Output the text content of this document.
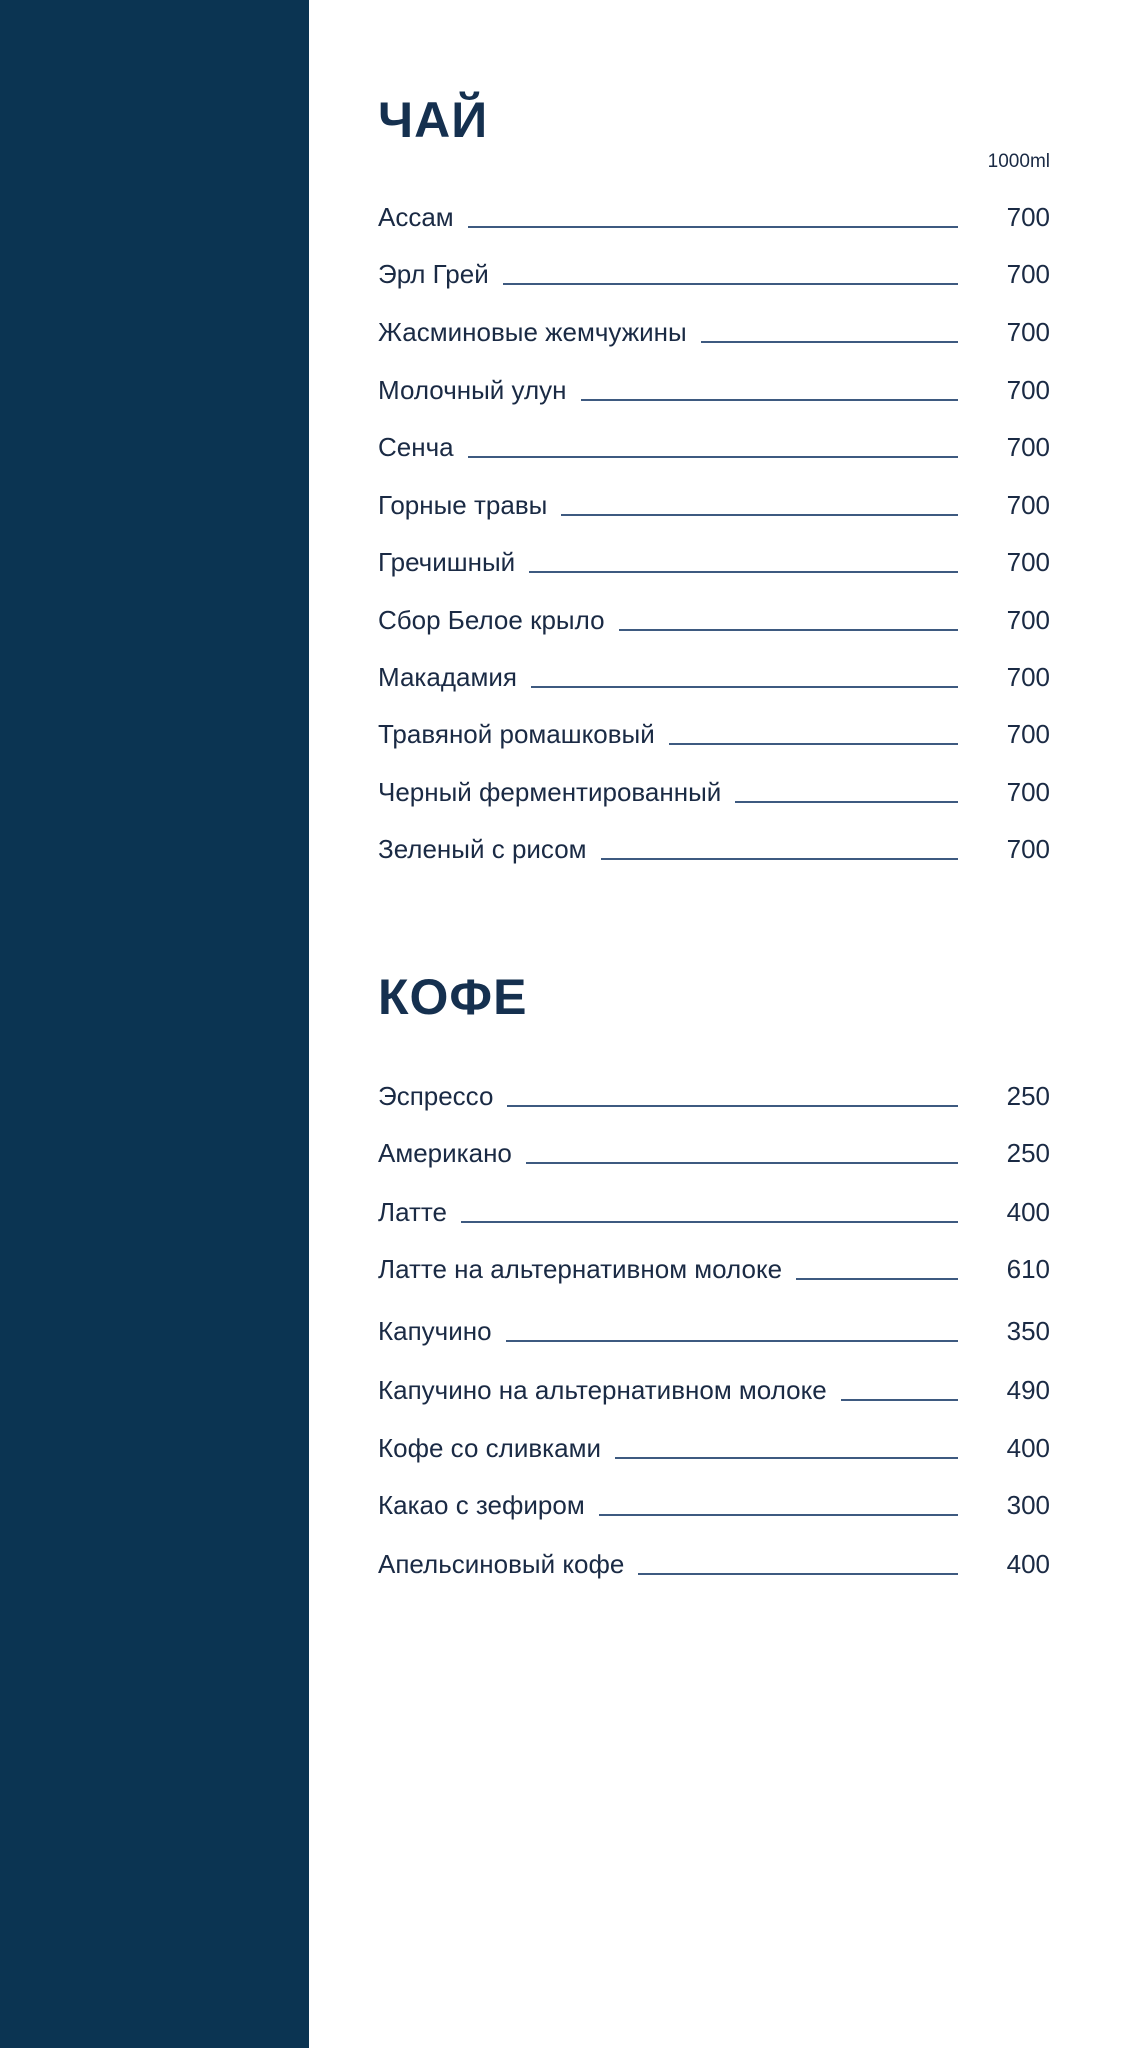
ЧАЙ
1000ml
Ассам	700
Эрл Грей	700
Жасминовые жемчужины	700
Молочный улун	700
Сенча	700
Горные травы	700
Гречишный	700
Сбор Белое крыло	700
Макадамия	700
Травяной ромашковый	700
Черный ферментированный	700
Зеленый с рисом	700
КОФЕ
Эспрессо	250
Американо	250
Латте	400
Латте на альтернативном молоке	610
Капучино	350
Капучино на альтернативном молоке	490
Кофе со сливками	400
Какао с зефиром	300
Апельсиновый кофе	400
